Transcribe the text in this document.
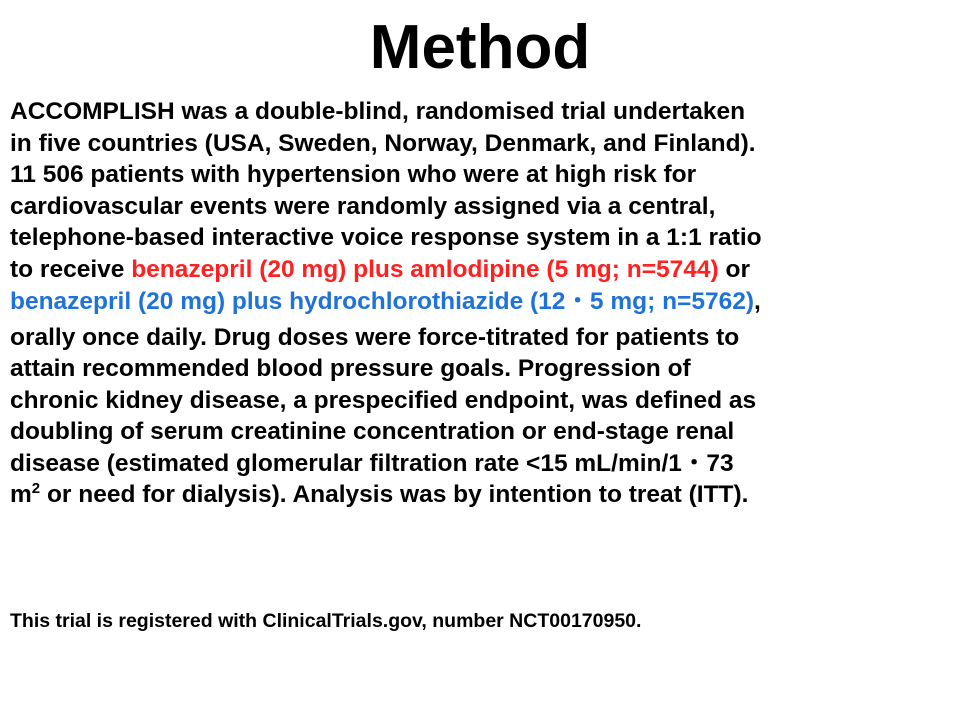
Method
ACCOMPLISH was a double-blind, randomised trial undertaken
in five countries (USA, Sweden, Norway, Denmark, and Finland).
11 506 patients with hypertension who were at high risk for
cardiovascular events were randomly assigned via a central,
telephone-based interactive voice response system in a 1:1 ratio
to receive benazepril (20 mg) plus amlodipine (5 mg; n=5744) or
benazepril (20 mg) plus hydrochlorothiazide (12・5 mg; n=5762),
orally once daily. Drug doses were force-titrated for patients to
attain recommended blood pressure goals. Progression of
chronic kidney disease, a prespecified endpoint, was defined as
doubling of serum creatinine concentration or end-stage renal
disease (estimated glomerular filtration rate <15 mL/min/1・73
$m^2$ or need for dialysis). Analysis was by intention to treat (ITT).
This trial is registered with ClinicalTrials.gov, number NCT00170950.
